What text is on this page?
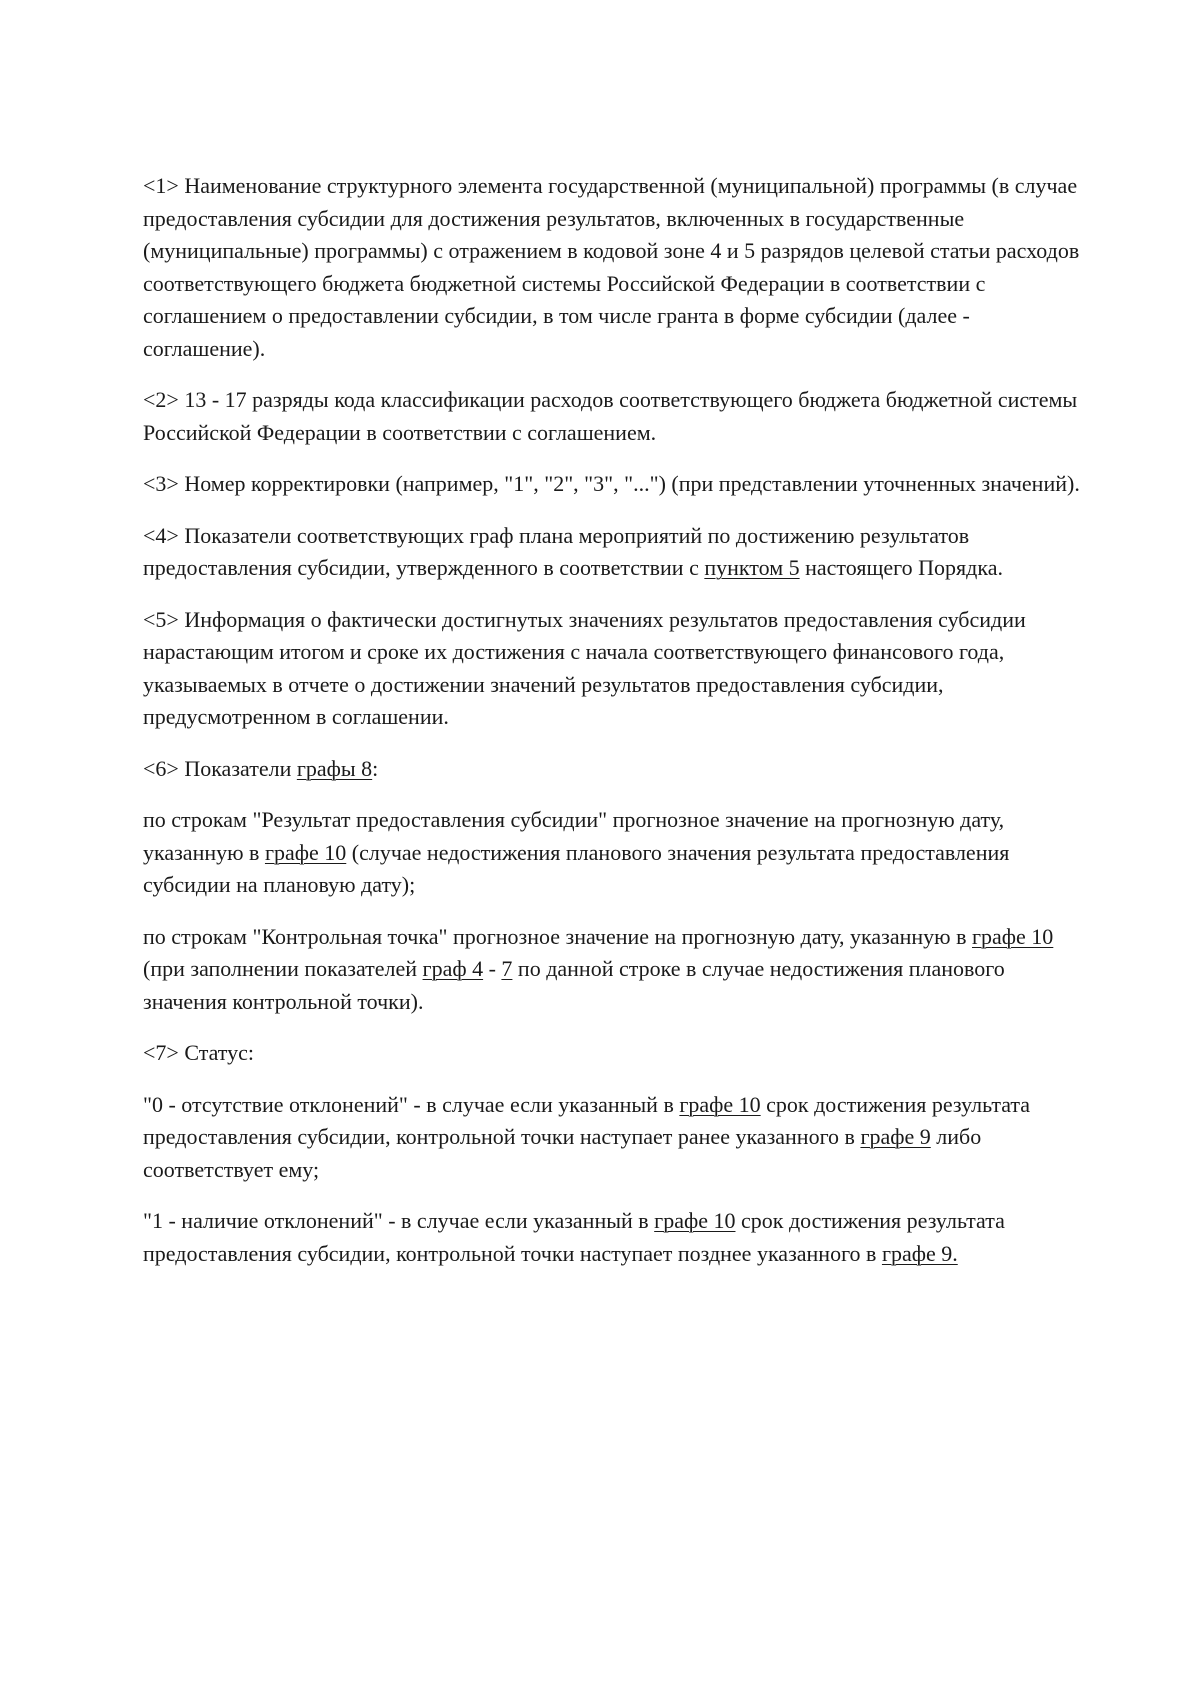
<1> Наименование структурного элемента государственной (муниципальной) программы (в случае предоставления субсидии для достижения результатов, включенных в государственные (муниципальные) программы) с отражением в кодовой зоне 4 и 5 разрядов целевой статьи расходов соответствующего бюджета бюджетной системы Российской Федерации в соответствии с соглашением о предоставлении субсидии, в том числе гранта в форме субсидии (далее - соглашение).

<2> 13 - 17 разряды кода классификации расходов соответствующего бюджета бюджетной системы Российской Федерации в соответствии с соглашением.

<3> Номер корректировки (например, "1", "2", "3", "...") (при представлении уточненных значений).

<4> Показатели соответствующих граф плана мероприятий по достижению результатов предоставления субсидии, утвержденного в соответствии с пунктом 5 настоящего Порядка.

<5> Информация о фактически достигнутых значениях результатов предоставления субсидии нарастающим итогом и сроке их достижения с начала соответствующего финансового года, указываемых в отчете о достижении значений результатов предоставления субсидии, предусмотренном в соглашении.

<6> Показатели графы 8:

по строкам "Результат предоставления субсидии" прогнозное значение на прогнозную дату, указанную в графе 10 (случае недостижения планового значения результата предоставления субсидии на плановую дату);

по строкам "Контрольная точка" прогнозное значение на прогнозную дату, указанную в графе 10 (при заполнении показателей граф 4 - 7 по данной строке в случае недостижения планового значения контрольной точки).

<7> Статус:

"0 - отсутствие отклонений" - в случае если указанный в графе 10 срок достижения результата предоставления субсидии, контрольной точки наступает ранее указанного в графе 9 либо соответствует ему;

"1 - наличие отклонений" - в случае если указанный в графе 10 срок достижения результата предоставления субсидии, контрольной точки наступает позднее указанного в графе 9.
